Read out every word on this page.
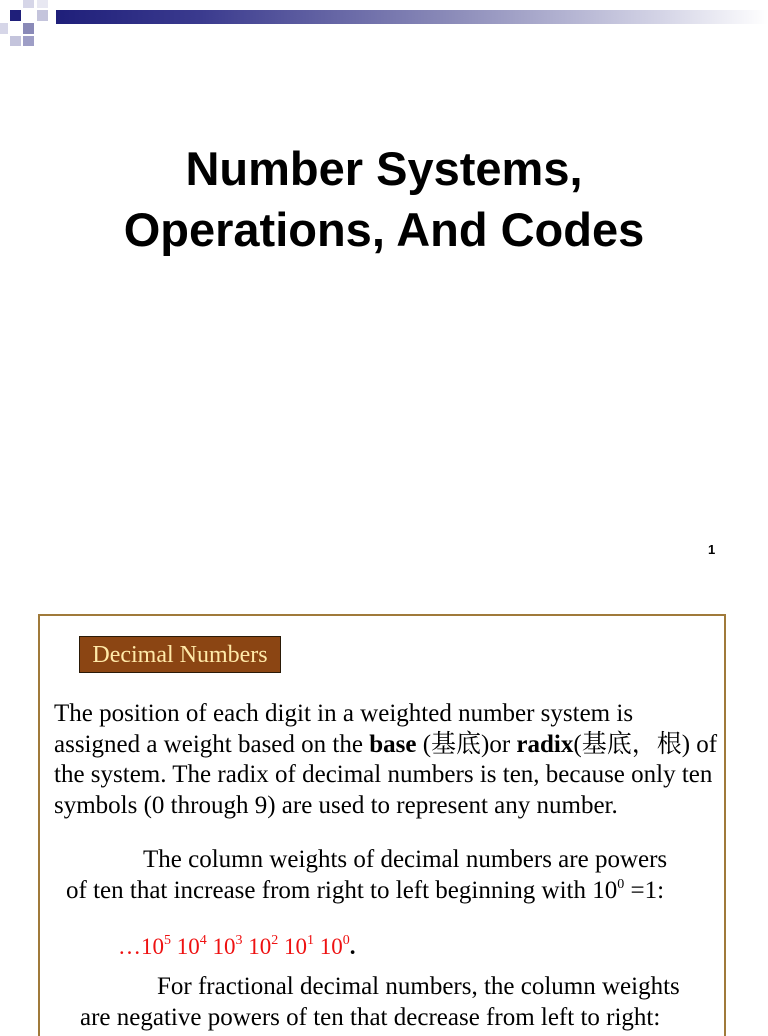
Number Systems,
Operations, And Codes
1
Decimal Numbers
The position of each digit in a weighted number system is assigned a weight based on the base (基底)or radix(基底，根) of the system. The radix of decimal numbers is ten, because only ten symbols (0 through 9) are used to represent any number.
The column weights of decimal numbers are powers
of ten that increase from right to left beginning with $10^0 =1$:
$\dots 10^5$ $10^4$ $10^3$ $10^2$ $10^1$ $10^0$.
For fractional decimal numbers, the column weights
are negative powers of ten that decrease from left to right:
